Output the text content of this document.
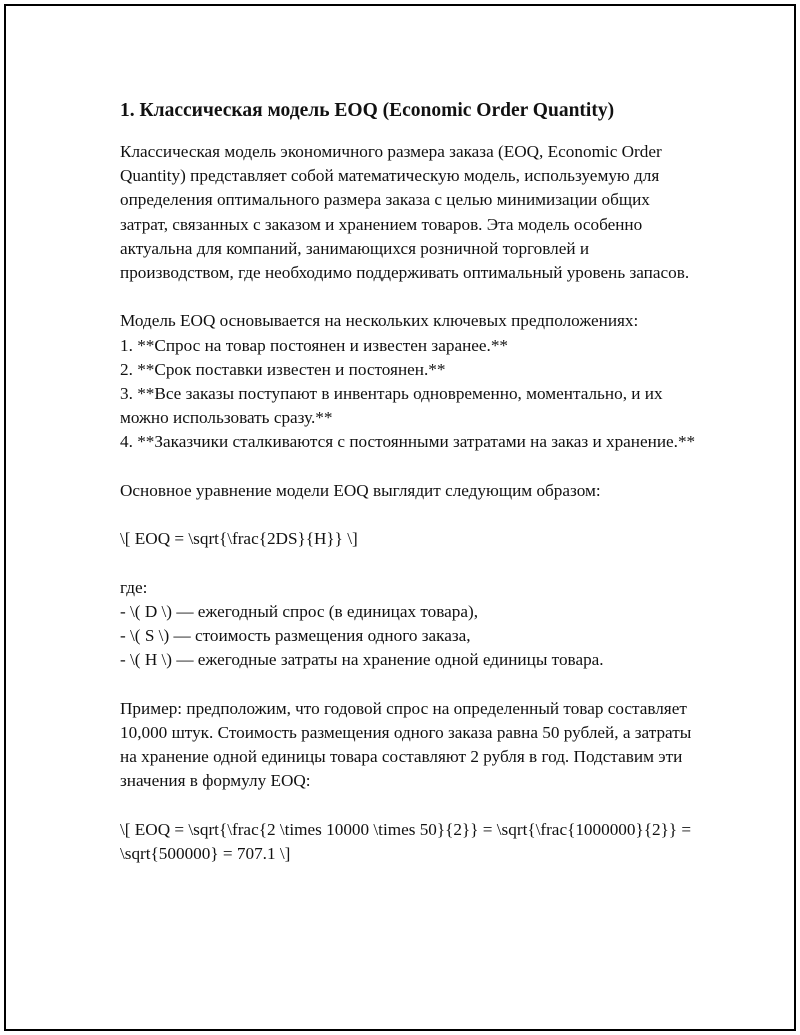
1. Классическая модель EOQ (Economic Order Quantity)

Классическая модель экономичного размера заказа (EOQ, Economic Order Quantity) представляет собой математическую модель, используемую для определения оптимального размера заказа с целью минимизации общих затрат, связанных с заказом и хранением товаров. Эта модель особенно актуальна для компаний, занимающихся розничной торговлей и производством, где необходимо поддерживать оптимальный уровень запасов.

Модель EOQ основывается на нескольких ключевых предположениях:

1. **Спрос на товар постоянен и известен заранее.**

2. **Срок поставки известен и постоянен.**

3. **Все заказы поступают в инвентарь одновременно, моментально, и их можно использовать сразу.**

4. **Заказчики сталкиваются с постоянными затратами на заказ и хранение.**

Основное уравнение модели EOQ выглядит следующим образом:

\[ EOQ = \sqrt{\frac{2DS}{H}} \]

где:

- \( D \) — ежегодный спрос (в единицах товара),

- \( S \) — стоимость размещения одного заказа,

- \( H \) — ежегодные затраты на хранение одной единицы товара.

Пример: предположим, что годовой спрос на определенный товар составляет 10,000 штук. Стоимость размещения одного заказа равна 50 рублей, а затраты на хранение одной единицы товара составляют 2 рубля в год. Подставим эти значения в формулу EOQ:

\[ EOQ = \sqrt{\frac{2 \times 10000 \times 50}{2}} = \sqrt{\frac{1000000}{2}} = \sqrt{500000} = 707.1 \]
